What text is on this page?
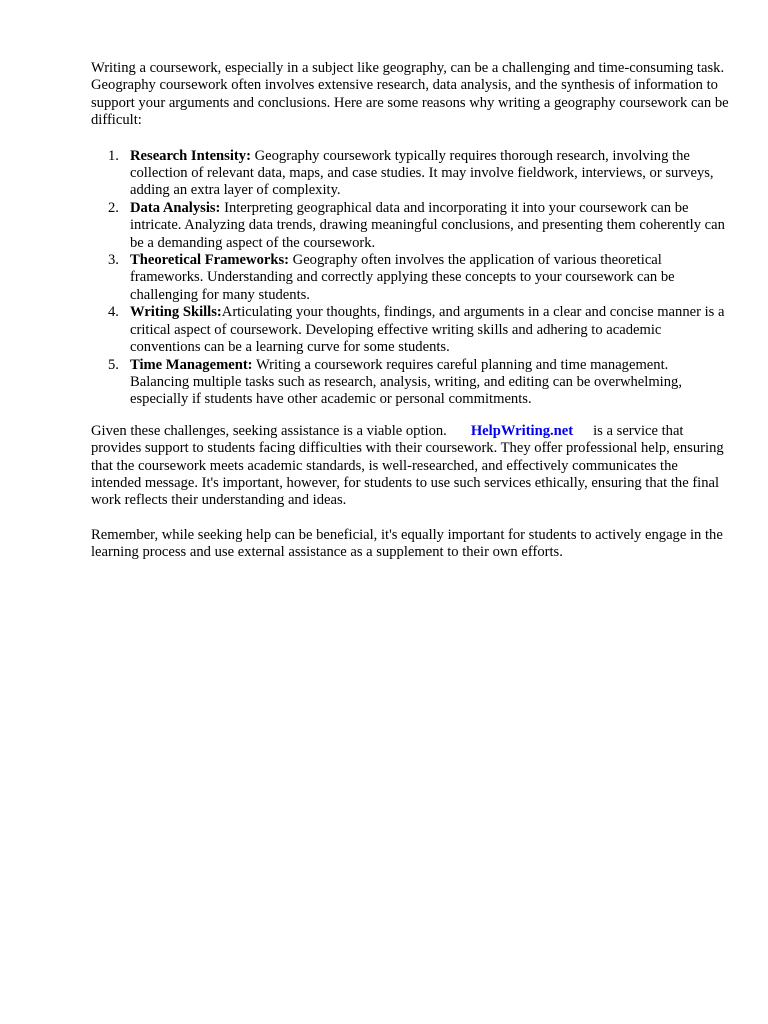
Writing a coursework, especially in a subject like geography, can be a challenging and time-consuming task. Geography coursework often involves extensive research, data analysis, and the synthesis of information to support your arguments and conclusions. Here are some reasons why writing a geography coursework can be difficult:

1. Research Intensity: Geography coursework typically requires thorough research, involving the collection of relevant data, maps, and case studies. It may involve fieldwork, interviews, or surveys, adding an extra layer of complexity.
2. Data Analysis: Interpreting geographical data and incorporating it into your coursework can be intricate. Analyzing data trends, drawing meaningful conclusions, and presenting them coherently can be a demanding aspect of the coursework.
3. Theoretical Frameworks: Geography often involves the application of various theoretical frameworks. Understanding and correctly applying these concepts to your coursework can be challenging for many students.
4. Writing Skills:Articulating your thoughts, findings, and arguments in a clear and concise manner is a critical aspect of coursework. Developing effective writing skills and adhering to academic conventions can be a learning curve for some students.
5. Time Management: Writing a coursework requires careful planning and time management. Balancing multiple tasks such as research, analysis, writing, and editing can be overwhelming, especially if students have other academic or personal commitments.

Given these challenges, seeking assistance is a viable option. HelpWriting.net is a service that provides support to students facing difficulties with their coursework. They offer professional help, ensuring that the coursework meets academic standards, is well-researched, and effectively communicates the intended message. It's important, however, for students to use such services ethically, ensuring that the final work reflects their understanding and ideas.

Remember, while seeking help can be beneficial, it's equally important for students to actively engage in the learning process and use external assistance as a supplement to their own efforts.
